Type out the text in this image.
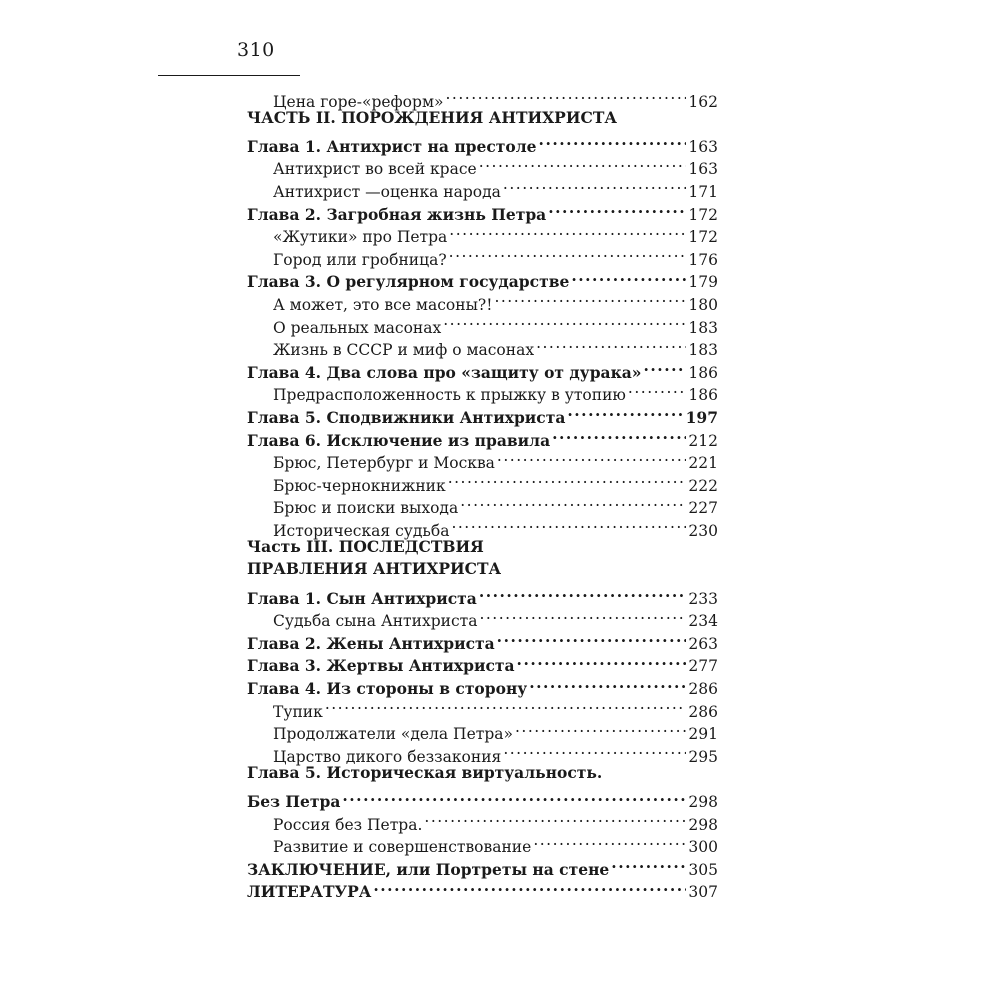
310
Цена горе-«реформ» .....	162
ЧАСТЬ II. ПОРОЖДЕНИЯ АНТИХРИСТА
Глава 1. Антихрист на престоле .....	163
Антихрист во всей красе .....	163
Антихрист —оценка народа .....	171
Глава 2. Загробная жизнь Петра .....	172
«Жутики» про Петра .....	172
Город или гробница? .....	176
Глава 3. О регулярном государстве .....	179
А может, это все масоны?! .....	180
О реальных масонах .....	183
Жизнь в СССР и миф о масонах .....	183
Глава 4. Два слова про «защиту от дурака» .....	186
Предрасположенность к прыжку в утопию .....	186
Глава 5. Сподвижники Антихриста .....	197
Глава 6. Исключение из правила .....	212
Брюс, Петербург и Москва .....	221
Брюс-чернокнижник .....	222
Брюс и поиски выхода .....	227
Историческая судьба .....	230
Часть III. ПОСЛЕДСТВИЯ
ПРАВЛЕНИЯ АНТИХРИСТА
Глава 1. Сын Антихриста .....	233
Судьба сына Антихриста .....	234
Глава 2. Жены Антихриста .....	263
Глава 3. Жертвы Антихриста .....	277
Глава 4. Из стороны в сторону .....	286
Тупик .....	286
Продолжатели «дела Петра» .....	291
Царство дикого беззакония .....	295
Глава 5. Историческая виртуальность.
Без Петра .....	298
Россия без Петра. .....	298
Развитие и совершенствование .....	300
ЗАКЛЮЧЕНИЕ, или Портреты на стене .....	305
ЛИТЕРАТУРА .....	307
